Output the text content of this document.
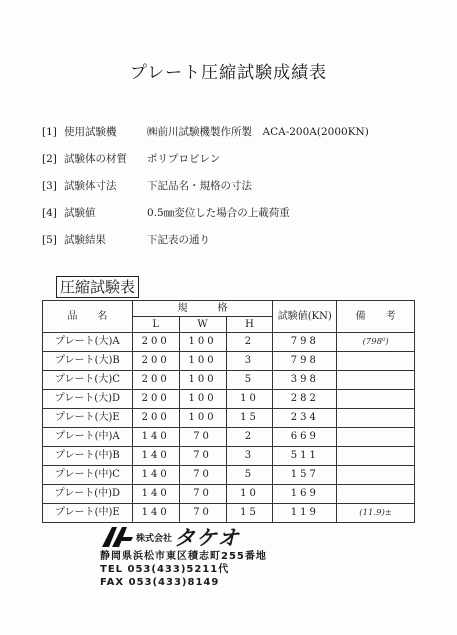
プレート圧縮試験成績表
[1] 使用試験機	㈱前川試験機製作所製　ACA-200A(2000KN)
[2] 試験体の材質	ポリプロピレン
[3] 試験体寸法	下記品名・規格の寸法
[4] 試験値	0.5㎜変位した場合の上載荷重
[5] 試験結果	下記表の通り
圧縮試験表
品　　名	規　　　格			試験値(KN)	備　　考
	L	W	H		
プレート(大)A	200	100	2	798	(798⁰)
プレート(大)B	200	100	3	798	
プレート(大)C	200	100	5	398	
プレート(大)D	200	100	10	282	
プレート(大)E	200	100	15	234	
プレート(中)A	140	70	2	669	
プレート(中)B	140	70	3	511	
プレート(中)C	140	70	5	157	
プレート(中)D	140	70	10	169	
プレート(中)E	140	70	15	119	(11.9)±
株式会社 タケオ
静岡県浜松市東区積志町255番地
TEL 053(433)5211代
FAX 053(433)8149
